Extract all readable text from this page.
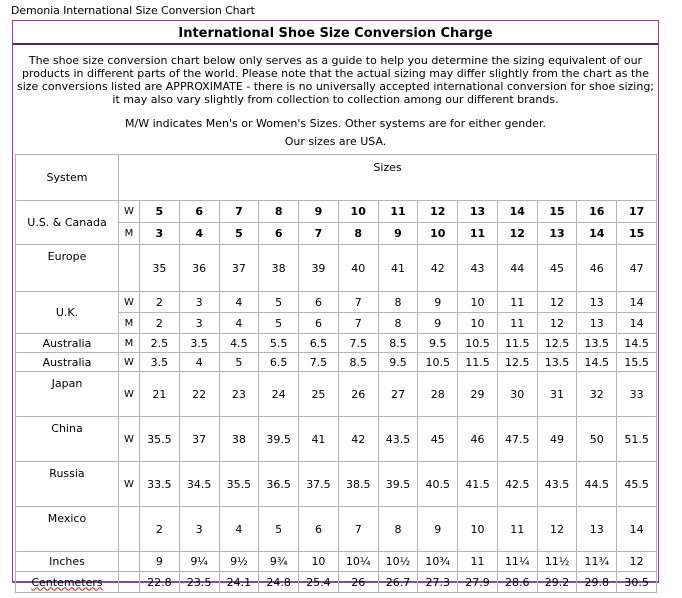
Demonia International Size Conversion Chart
International Shoe Size Conversion Charge

The shoe size conversion chart below only serves as a guide to help you determine the sizing equivalent of our products in different parts of the world. Please note that the actual sizing may differ slightly from the chart as the size conversions listed are APPROXIMATE - there is no universally accepted international conversion for shoe sizing; it may also vary slightly from collection to collection among our different brands.

M/W indicates Men's or Women's Sizes. Other systems are for either gender.

Our sizes are USA.

System	Sizes													
U.S. & Canada	W	5	6	7	8	9	10	11	12	13	14	15	16	17
	M	3	4	5	6	7	8	9	10	11	12	13	14	15
Europe		35	36	37	38	39	40	41	42	43	44	45	46	47
U.K.	W	2	3	4	5	6	7	8	9	10	11	12	13	14
	M	2	3	4	5	6	7	8	9	10	11	12	13	14
Australia	M	2.5	3.5	4.5	5.5	6.5	7.5	8.5	9.5	10.5	11.5	12.5	13.5	14.5
Australia	W	3.5	4	5	6.5	7.5	8.5	9.5	10.5	11.5	12.5	13.5	14.5	15.5
Japan	W	21	22	23	24	25	26	27	28	29	30	31	32	33
China	W	35.5	37	38	39.5	41	42	43.5	45	46	47.5	49	50	51.5
Russia	W	33.5	34.5	35.5	36.5	37.5	38.5	39.5	40.5	41.5	42.5	43.5	44.5	45.5
Mexico		2	3	4	5	6	7	8	9	10	11	12	13	14
Inches		9	9¼	9½	9¾	10	10¼	10½	10¾	11	11¼	11½	11¾	12
Centemeters		22.8	23.5	24.1	24.8	25.4	26	26.7	27.3	27.9	28.6	29.2	29.8	30.5
